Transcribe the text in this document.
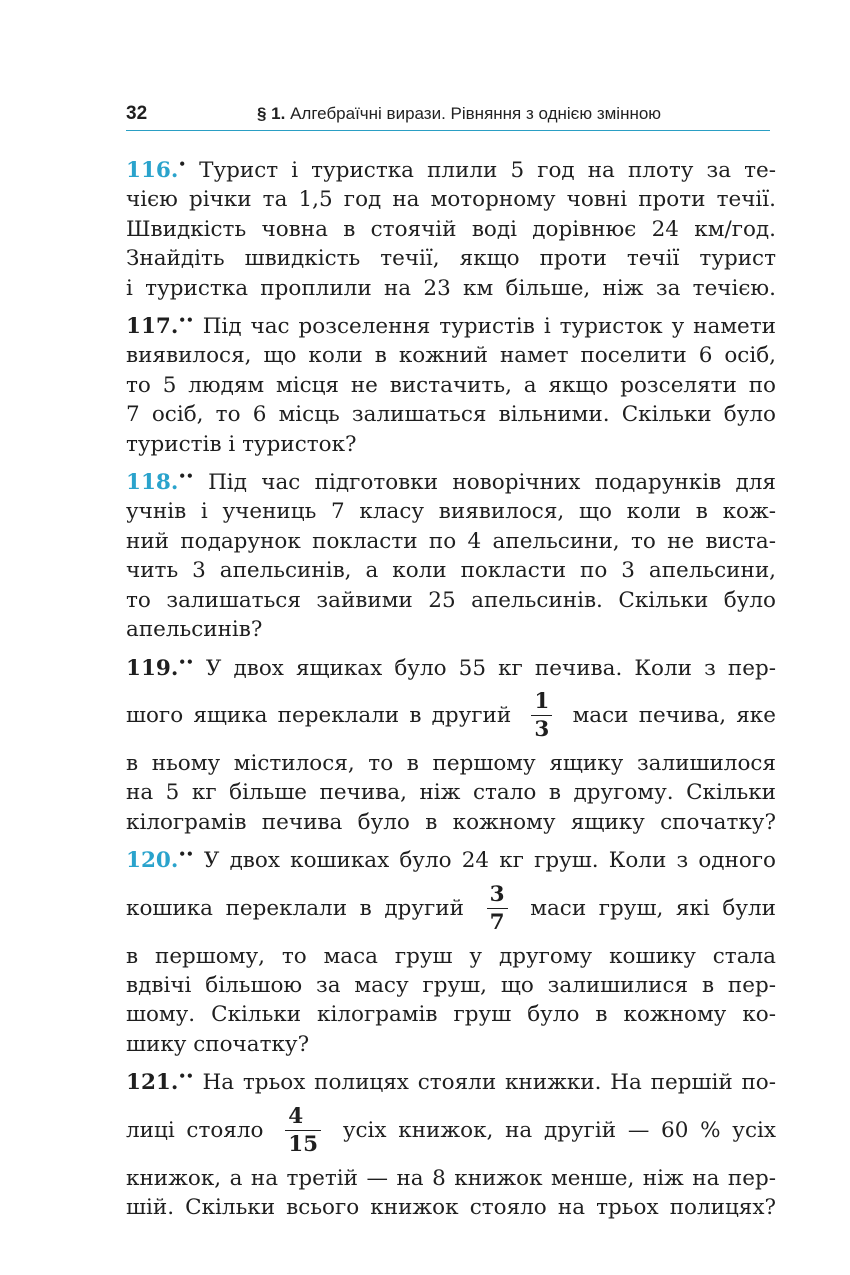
32	§ 1. Алгебраїчні вирази. Рівняння з однією змінною
116.• Турист і туристка плили 5 год на плоту за те-
чією річки та 1,5 год на моторному човні проти течії.
Швидкість човна в стоячій воді дорівнює 24 км/год.
Знайдіть швидкість течії, якщо проти течії турист
і туристка проплили на 23 км більше, ніж за течією.
117.•• Під час розселення туристів і туристок у намети
виявилося, що коли в кожний намет поселити 6 осіб,
то 5 людям місця не вистачить, а якщо розселяти по
7 осіб, то 6 місць залишаться вільними. Скільки було
туристів і туристок?
118.•• Під час підготовки новорічних подарунків для
учнів і учениць 7 класу виявилося, що коли в кож-
ний подарунок покласти по 4 апельсини, то не виста-
чить 3 апельсинів, а коли покласти по 3 апельсини,
то залишаться зайвими 25 апельсинів. Скільки було
апельсинів?
119.•• У двох ящиках було 55 кг печива. Коли з пер-
шого ящика переклали в другий $\frac{1}{3}$ маси печива, яке
в ньому містилося, то в першому ящику залишилося
на 5 кг більше печива, ніж стало в другому. Скільки
кілограмів печива було в кожному ящику спочатку?
120.•• У двох кошиках було 24 кг груш. Коли з одного
кошика переклали в другий $\frac{3}{7}$ маси груш, які були
в першому, то маса груш у другому кошику стала
вдвічі більшою за масу груш, що залишилися в пер-
шому. Скільки кілограмів груш було в кожному ко-
шику спочатку?
121.•• На трьох полицях стояли книжки. На першій по-
лиці стояло $\frac{4}{15}$ усіх книжок, на другій — 60 % усіх
книжок, а на третій — на 8 книжок менше, ніж на пер-
шій. Скільки всього книжок стояло на трьох полицях?
